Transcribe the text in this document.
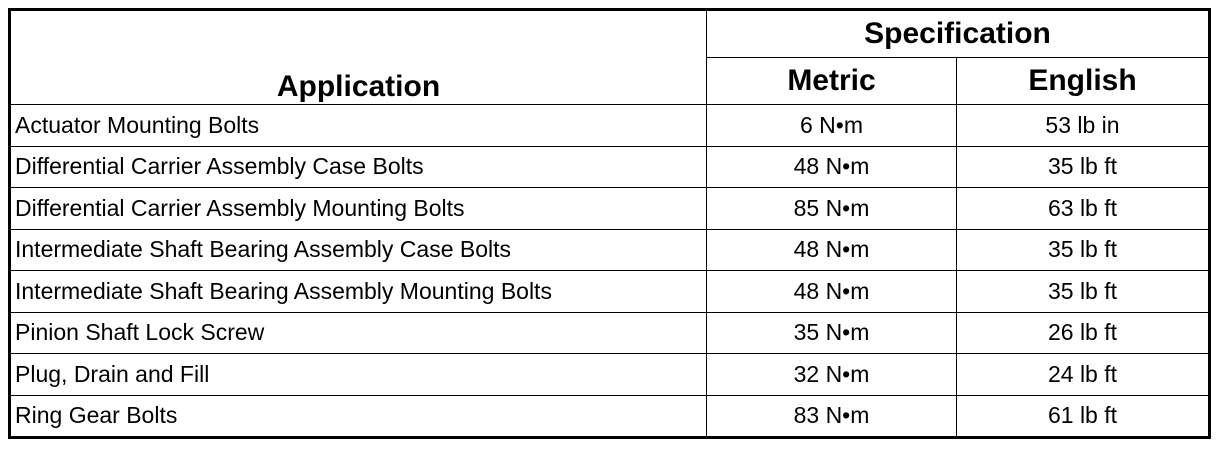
Application	Specification	
	Metric	English
Actuator Mounting Bolts	6 N•m	53 lb in
Differential Carrier Assembly Case Bolts	48 N•m	35 lb ft
Differential Carrier Assembly Mounting Bolts	85 N•m	63 lb ft
Intermediate Shaft Bearing Assembly Case Bolts	48 N•m	35 lb ft
Intermediate Shaft Bearing Assembly Mounting Bolts	48 N•m	35 lb ft
Pinion Shaft Lock Screw	35 N•m	26 lb ft
Plug, Drain and Fill	32 N•m	24 lb ft
Ring Gear Bolts	83 N•m	61 lb ft
